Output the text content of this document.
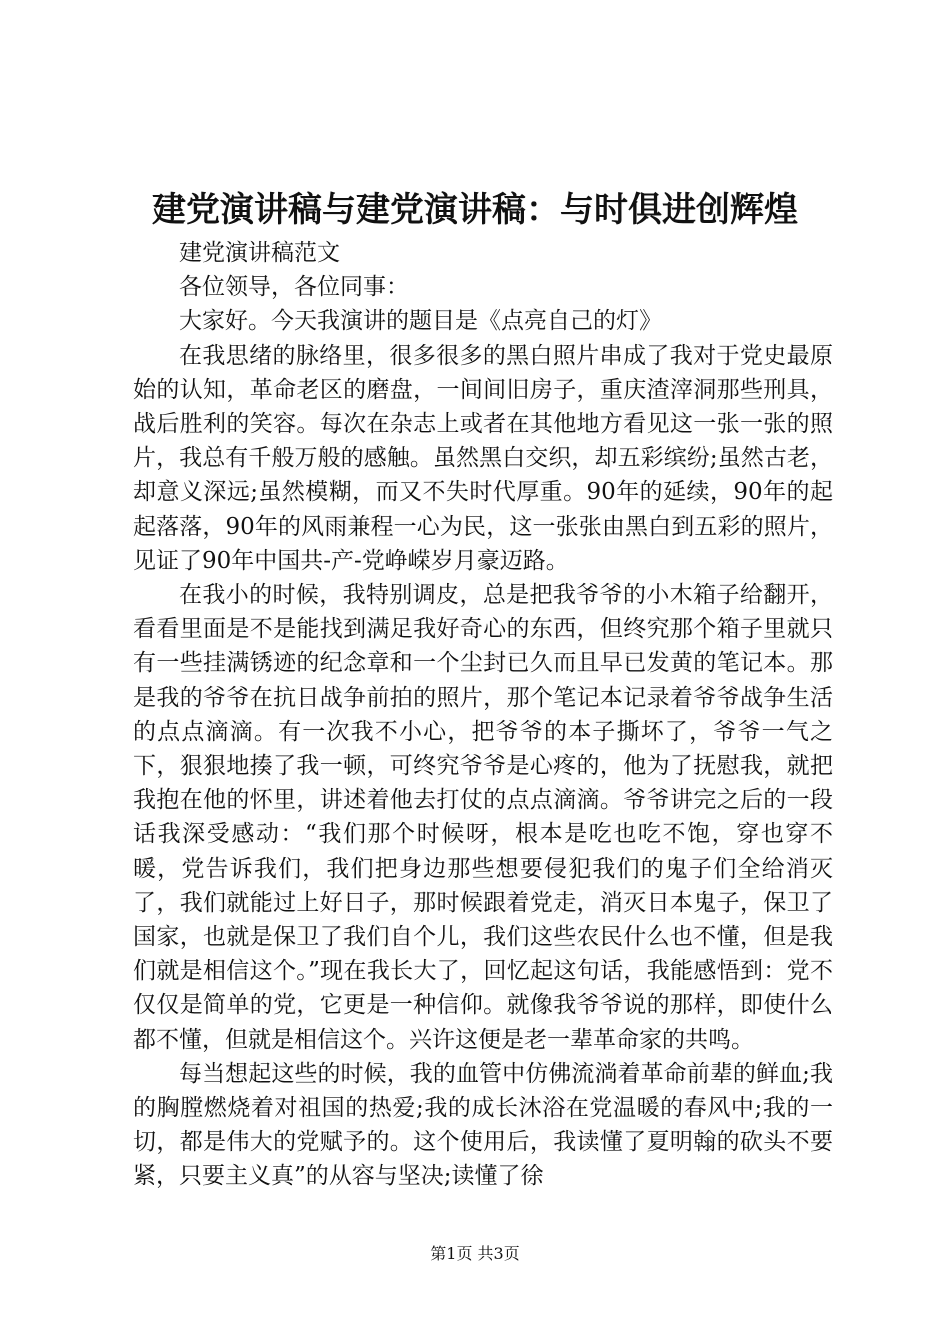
建党演讲稿与建党演讲稿：与时俱进创辉煌

建党演讲稿范文

各位领导，各位同事：

大家好。今天我演讲的题目是《点亮自己的灯》

在我思绪的脉络里，很多很多的黑白照片串成了我对于党史最原始的认知，革命老区的磨盘，一间间旧房子，重庆渣滓洞那些刑具，战后胜利的笑容。每次在杂志上或者在其他地方看见这一张一张的照片，我总有千般万般的感触。虽然黑白交织，却五彩缤纷;虽然古老，却意义深远;虽然模糊，而又不失时代厚重。90年的延续，90年的起起落落，90年的风雨兼程一心为民，这一张张由黑白到五彩的照片，见证了90年中国共-产-党峥嵘岁月豪迈路。

在我小的时候，我特别调皮，总是把我爷爷的小木箱子给翻开，看看里面是不是能找到满足我好奇心的东西，但终究那个箱子里就只有一些挂满锈迹的纪念章和一个尘封已久而且早已发黄的笔记本。那是我的爷爷在抗日战争前拍的照片，那个笔记本记录着爷爷战争生活的点点滴滴。有一次我不小心，把爷爷的本子撕坏了，爷爷一气之下，狠狠地揍了我一顿，可终究爷爷是心疼的，他为了抚慰我，就把我抱在他的怀里，讲述着他去打仗的点点滴滴。爷爷讲完之后的一段话我深受感动：“我们那个时候呀，根本是吃也吃不饱，穿也穿不暖，党告诉我们，我们把身边那些想要侵犯我们的鬼子们全给消灭了，我们就能过上好日子，那时候跟着党走，消灭日本鬼子，保卫了国家，也就是保卫了我们自个儿，我们这些农民什么也不懂，但是我们就是相信这个。”现在我长大了，回忆起这句话，我能感悟到：党不仅仅是简单的党，它更是一种信仰。就像我爷爷说的那样，即使什么都不懂，但就是相信这个。兴许这便是老一辈革命家的共鸣。

每当想起这些的时候，我的血管中仿佛流淌着革命前辈的鲜血;我的胸膛燃烧着对祖国的热爱;我的成长沐浴在党温暖的春风中;我的一切，都是伟大的党赋予的。这个使用后，我读懂了夏明翰的砍头不要紧，只要主义真”的从容与坚决;读懂了徐

第1页 共3页
